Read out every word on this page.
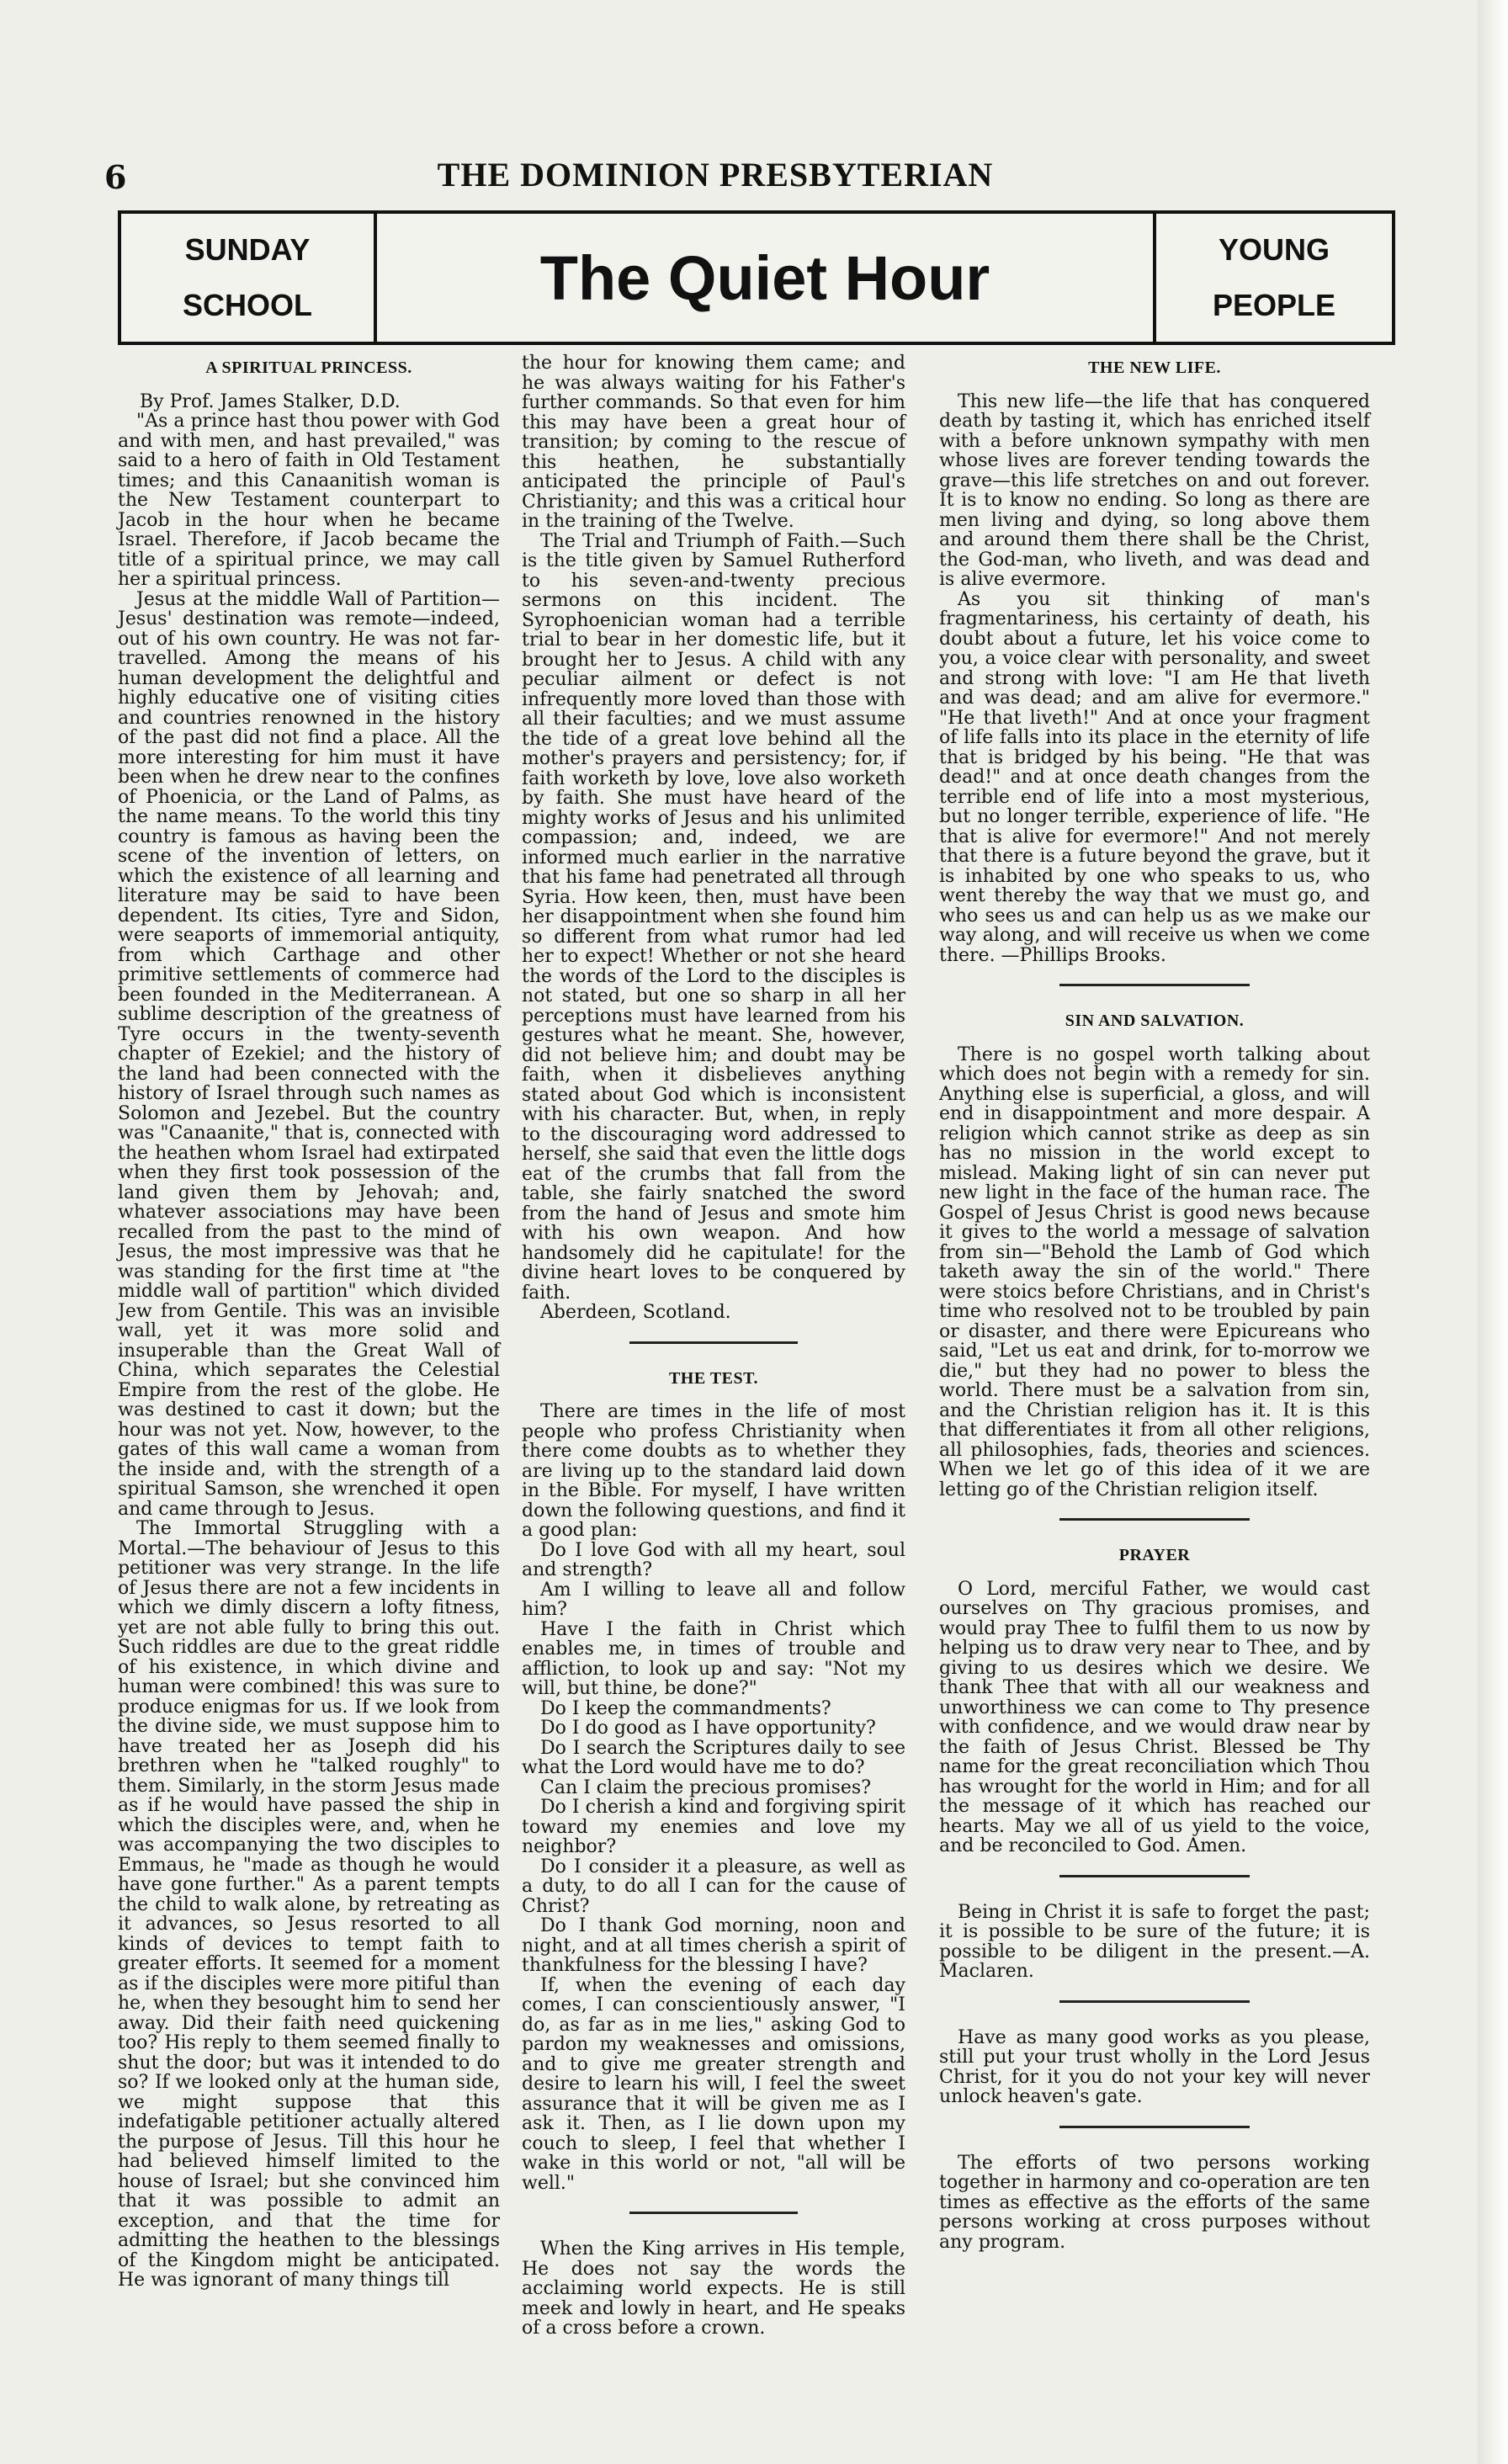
6	THE DOMINION PRESBYTERIAN
SUNDAY
SCHOOL	The Quiet Hour	YOUNG
PEOPLE
A SPIRITUAL PRINCESS.

By Prof. James Stalker, D.D.

"As a prince hast thou power with God and with men, and hast prevailed," was said to a hero of faith in Old Testament times; and this Canaanitish woman is the New Testament counterpart to Jacob in the hour when he became Israel. Therefore, if Jacob became the title of a spiritual prince, we may call her a spiritual princess.

Jesus at the middle Wall of Partition—Jesus' destination was remote—indeed, out of his own country. He was not far-travelled. Among the means of his human development the delightful and highly educative one of visiting cities and countries renowned in the history of the past did not find a place. All the more interesting for him must it have been when he drew near to the confines of Phoenicia, or the Land of Palms, as the name means. To the world this tiny country is famous as having been the scene of the invention of letters, on which the existence of all learning and literature may be said to have been dependent. Its cities, Tyre and Sidon, were seaports of immemorial antiquity, from which Carthage and other primitive settlements of commerce had been founded in the Mediterranean. A sublime description of the greatness of Tyre occurs in the twenty-seventh chapter of Ezekiel; and the history of the land had been connected with the history of Israel through such names as Solomon and Jezebel. But the country was "Canaanite," that is, connected with the heathen whom Israel had extirpated when they first took possession of the land given them by Jehovah; and, whatever associations may have been recalled from the past to the mind of Jesus, the most impressive was that he was standing for the first time at "the middle wall of partition" which divided Jew from Gentile. This was an invisible wall, yet it was more solid and insuperable than the Great Wall of China, which separates the Celestial Empire from the rest of the globe. He was destined to cast it down; but the hour was not yet. Now, however, to the gates of this wall came a woman from the inside and, with the strength of a spiritual Samson, she wrenched it open and came through to Jesus.

The Immortal Struggling with a Mortal.—The behaviour of Jesus to this petitioner was very strange. In the life of Jesus there are not a few incidents in which we dimly discern a lofty fitness, yet are not able fully to bring this out. Such riddles are due to the great riddle of his existence, in which divine and human were combined! this was sure to produce enigmas for us. If we look from the divine side, we must suppose him to have treated her as Joseph did his brethren when he "talked roughly" to them. Similarly, in the storm Jesus made as if he would have passed the ship in which the disciples were, and, when he was accompanying the two disciples to Emmaus, he "made as though he would have gone further." As a parent tempts the child to walk alone, by retreating as it advances, so Jesus resorted to all kinds of devices to tempt faith to greater efforts. It seemed for a moment as if the disciples were more pitiful than he, when they besought him to send her away. Did their faith need quickening too? His reply to them seemed finally to shut the door; but was it intended to do so? If we looked only at the human side, we might suppose that this indefatigable petitioner actually altered the purpose of Jesus. Till this hour he had believed himself limited to the house of Israel; but she convinced him that it was possible to admit an exception, and that the time for admitting the heathen to the blessings of the Kingdom might be anticipated. He was ignorant of many things till

the hour for knowing them came; and he was always waiting for his Father's further commands. So that even for him this may have been a great hour of transition; by coming to the rescue of this heathen, he substantially anticipated the principle of Paul's Christianity; and this was a critical hour in the training of the Twelve.

The Trial and Triumph of Faith.—Such is the title given by Samuel Rutherford to his seven-and-twenty precious sermons on this incident. The Syrophoenician woman had a terrible trial to bear in her domestic life, but it brought her to Jesus. A child with any peculiar ailment or defect is not infrequently more loved than those with all their faculties; and we must assume the tide of a great love behind all the mother's prayers and persistency; for, if faith worketh by love, love also worketh by faith. She must have heard of the mighty works of Jesus and his unlimited compassion; and, indeed, we are informed much earlier in the narrative that his fame had penetrated all through Syria. How keen, then, must have been her disappointment when she found him so different from what rumor had led her to expect! Whether or not she heard the words of the Lord to the disciples is not stated, but one so sharp in all her perceptions must have learned from his gestures what he meant. She, however, did not believe him; and doubt may be faith, when it disbelieves anything stated about God which is inconsistent with his character. But, when, in reply to the discouraging word addressed to herself, she said that even the little dogs eat of the crumbs that fall from the table, she fairly snatched the sword from the hand of Jesus and smote him with his own weapon. And how handsomely did he capitulate! for the divine heart loves to be conquered by faith.

Aberdeen, Scotland.

THE TEST.

There are times in the life of most people who profess Christianity when there come doubts as to whether they are living up to the standard laid down in the Bible. For myself, I have written down the following questions, and find it a good plan:

Do I love God with all my heart, soul and strength?

Am I willing to leave all and follow him?

Have I the faith in Christ which enables me, in times of trouble and affliction, to look up and say: "Not my will, but thine, be done?"

Do I keep the commandments?

Do I do good as I have opportunity?

Do I search the Scriptures daily to see what the Lord would have me to do?

Can I claim the precious promises?

Do I cherish a kind and forgiving spirit toward my enemies and love my neighbor?

Do I consider it a pleasure, as well as a duty, to do all I can for the cause of Christ?

Do I thank God morning, noon and night, and at all times cherish a spirit of thankfulness for the blessing I have?

If, when the evening of each day comes, I can conscientiously answer, "I do, as far as in me lies," asking God to pardon my weaknesses and omissions, and to give me greater strength and desire to learn his will, I feel the sweet assurance that it will be given me as I ask it. Then, as I lie down upon my couch to sleep, I feel that whether I wake in this world or not, "all will be well."

When the King arrives in His temple, He does not say the words the acclaiming world expects. He is still meek and lowly in heart, and He speaks of a cross before a crown.

THE NEW LIFE.

This new life—the life that has conquered death by tasting it, which has enriched itself with a before unknown sympathy with men whose lives are forever tending towards the grave—this life stretches on and out forever. It is to know no ending. So long as there are men living and dying, so long above them and around them there shall be the Christ, the God-man, who liveth, and was dead and is alive evermore.

As you sit thinking of man's fragmentariness, his certainty of death, his doubt about a future, let his voice come to you, a voice clear with personality, and sweet and strong with love: "I am He that liveth and was dead; and am alive for evermore." "He that liveth!" And at once your fragment of life falls into its place in the eternity of life that is bridged by his being. "He that was dead!" and at once death changes from the terrible end of life into a most mysterious, but no longer terrible, experience of life. "He that is alive for evermore!" And not merely that there is a future beyond the grave, but it is inhabited by one who speaks to us, who went thereby the way that we must go, and who sees us and can help us as we make our way along, and will receive us when we come there. —Phillips Brooks.

SIN AND SALVATION.

There is no gospel worth talking about which does not begin with a remedy for sin. Anything else is superficial, a gloss, and will end in disappointment and more despair. A religion which cannot strike as deep as sin has no mission in the world except to mislead. Making light of sin can never put new light in the face of the human race. The Gospel of Jesus Christ is good news because it gives to the world a message of salvation from sin—"Behold the Lamb of God which taketh away the sin of the world." There were stoics before Christians, and in Christ's time who resolved not to be troubled by pain or disaster, and there were Epicureans who said, "Let us eat and drink, for to-morrow we die," but they had no power to bless the world. There must be a salvation from sin, and the Christian religion has it. It is this that differentiates it from all other religions, all philosophies, fads, theories and sciences. When we let go of this idea of it we are letting go of the Christian religion itself.

PRAYER

O Lord, merciful Father, we would cast ourselves on Thy gracious promises, and would pray Thee to fulfil them to us now by helping us to draw very near to Thee, and by giving to us desires which we desire. We thank Thee that with all our weakness and unworthiness we can come to Thy presence with confidence, and we would draw near by the faith of Jesus Christ. Blessed be Thy name for the great reconciliation which Thou has wrought for the world in Him; and for all the message of it which has reached our hearts. May we all of us yield to the voice, and be reconciled to God. Amen.

Being in Christ it is safe to forget the past; it is possible to be sure of the future; it is possible to be diligent in the present.—A. Maclaren.

Have as many good works as you please, still put your trust wholly in the Lord Jesus Christ, for it you do not your key will never unlock heaven's gate.

The efforts of two persons working together in harmony and co-operation are ten times as effective as the efforts of the same persons working at cross purposes without any program.
